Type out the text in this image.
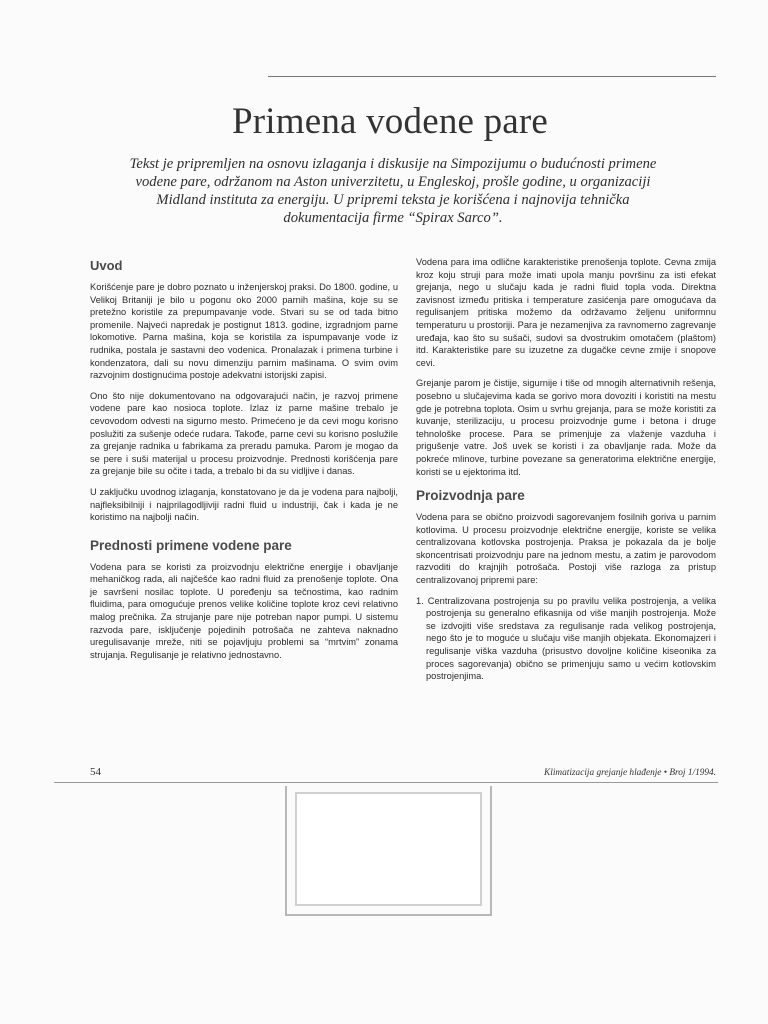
Primena vodene pare
Tekst je pripremljen na osnovu izlaganja i diskusije na Simpozijumu o budućnosti primene vodene pare, održanom na Aston univerzitetu, u Engleskoj, prošle godine, u organizaciji Midland instituta za energiju. U pripremi teksta je korišćena i najnovija tehnička dokumentacija firme “Spirax Sarco”.
Uvod

Korišćenje pare je dobro poznato u inženjerskoj praksi. Do 1800. godine, u Velikoj Britaniji je bilo u pogonu oko 2000 parnih mašina, koje su se pretežno koristile za prepumpavanje vode. Stvari su se od tada bitno promenile. Najveći napredak je postignut 1813. godine, izgradnjom parne lokomotive. Parna mašina, koja se koristila za ispumpavanje vode iz rudnika, postala je sastavni deo vodenica. Pronalazak i primena turbine i kondenzatora, dali su novu dimenziju parnim mašinama. O svim ovim razvojnim dostignućima postoje adekvatni istorijski zapisi.

Ono što nije dokumentovano na odgovarajući način, je razvoj primene vodene pare kao nosioca toplote. Izlaz iz parne mašine trebalo je cevovodom odvesti na sigurno mesto. Primećeno je da cevi mogu korisno poslužiti za sušenje odeće rudara. Takođe, parne cevi su korisno poslužile za grejanje radnika u fabrikama za preradu pamuka. Parom je mogao da se pere i suši materijal u procesu proizvodnje. Prednosti korišćenja pare za grejanje bile su očite i tada, a trebalo bi da su vidljive i danas.

U zaključku uvodnog izlaganja, konstatovano je da je vodena para najbolji, najfleksibilniji i najprilagodljiviji radni fluid u industriji, čak i kada je ne koristimo na najbolji način.

Prednosti primene vodene pare

Vodena para se koristi za proizvodnju električne energije i obavljanje mehaničkog rada, ali najčešće kao radni fluid za prenošenje toplote. Ona je savršeni nosilac toplote. U poređenju sa tečnostima, kao radnim fluidima, para omogućuje prenos velike količine toplote kroz cevi relativno malog prečnika. Za strujanje pare nije potreban napor pumpi. U sistemu razvoda pare, isključenje pojedinih potrošača ne zahteva naknadno uregulisavanje mreže, niti se pojavljuju problemi sa “mrtvim” zonama strujanja. Regulisanje je relativno jednostavno.

Vodena para ima odlične karakteristike prenošenja toplote. Cevna zmija kroz koju struji para može imati upola manju površinu za isti efekat grejanja, nego u slučaju kada je radni fluid topla voda. Direktna zavisnost između pritiska i temperature zasićenja pare omogućava da regulisanjem pritiska možemo da održavamo željenu uniformnu temperaturu u prostoriji. Para je nezamenjiva za ravnomerno zagrevanje uređaja, kao što su sušači, sudovi sa dvostrukim omotačem (plaštom) itd. Karakteristike pare su izuzetne za dugačke cevne zmije i snopove cevi.

Grejanje parom je čistije, sigurnije i tiše od mnogih alternativnih rešenja, posebno u slučajevima kada se gorivo mora dovoziti i koristiti na mestu gde je potrebna toplota. Osim u svrhu grejanja, para se može koristiti za kuvanje, sterilizaciju, u procesu proizvodnje gume i betona i druge tehnološke procese. Para se primenjuje za vlaženje vazduha i prigušenje vatre. Još uvek se koristi i za obavljanje rada. Može da pokreće mlinove, turbine povezane sa generatorima električne energije, koristi se u ejektorima itd.

Proizvodnja pare

Vodena para se obično proizvodi sagorevanjem fosilnih goriva u parnim kotlovima. U procesu proizvodnje električne energije, koriste se velika centralizovana kotlovska postrojenja. Praksa je pokazala da je bolje skoncentrisati proizvodnju pare na jednom mestu, a zatim je parovodom razvoditi do krajnjih potrošača. Postoji više razloga za pristup centralizovanoj pripremi pare:

1. Centralizovana postrojenja su po pravilu velika postrojenja, a velika postrojenja su generalno efikasnija od više manjih postrojenja. Može se izdvojiti više sredstava za regulisanje rada velikog postrojenja, nego što je to moguće u slučaju više manjih objekata. Ekonomajzeri i regulisanje viška vazduha (prisustvo dovoljne količine kiseonika za proces sagorevanja) obično se primenjuju samo u većim kotlovskim postrojenjima.
54	Klimatizacija grejanje hlađenje • Broj 1/1994.
